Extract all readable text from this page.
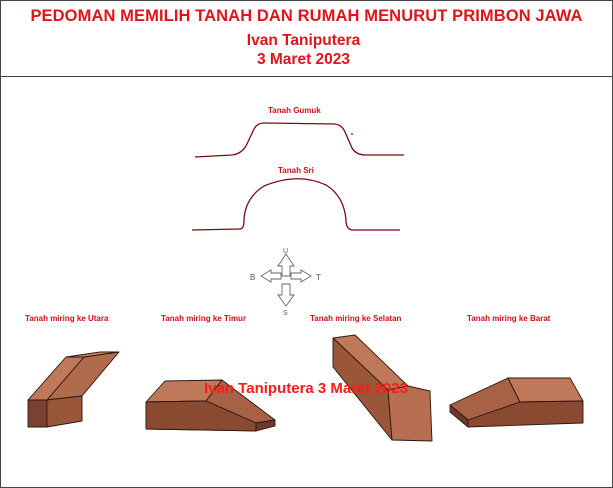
PEDOMAN MEMILIH TANAH DAN RUMAH MENURUT PRIMBON JAWA
Ivan Taniputera
3 Maret 2023
Tanah Gumuk
Tanah Sri
Tanah miring ke Utara	Tanah miring ke Timur	Tanah miring ke Selatan	Tanah miring ke Barat
U
S
T
B
Ivan Taniputera 3 Maret 2023
